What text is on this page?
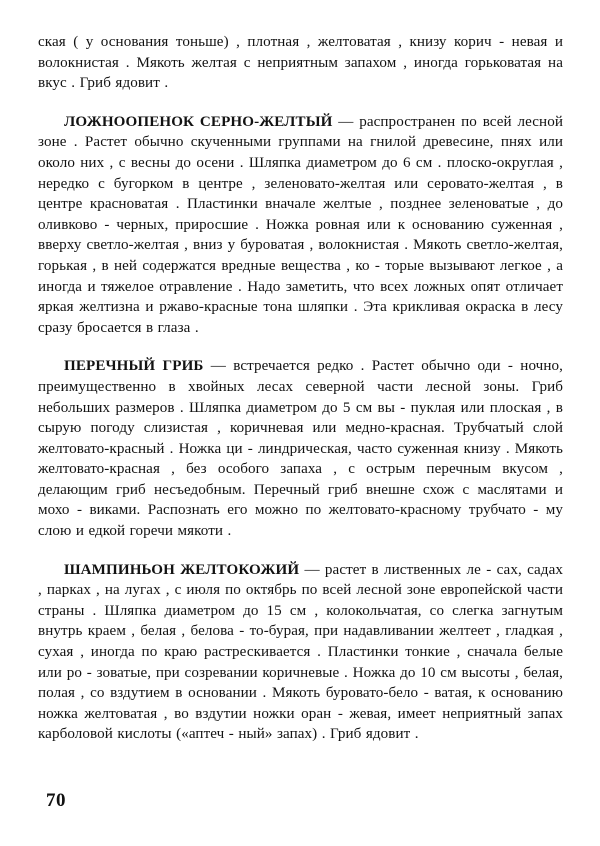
ская ( у основания тоньше) , плотная , желтоватая , книзу корич - невая и волокнистая . Мякоть желтая с неприятным запахом , иногда горьковатая на вкус . Гриб ядовит .

ЛОЖНООПЕНОК СЕРНО-ЖЕЛТЫЙ — распространен по всей лесной зоне . Растет обычно скученными группами на гнилой древесине, пнях или около них , с весны до осени . Шляпка диаметром до 6 см . плоско-округлая , нередко с бугорком в центре , зеленовато-желтая или серовато-желтая , в центре красноватая . Пластинки вначале желтые , позднее зеленоватые , до оливково - черных, приросшие . Ножка ровная или к основанию суженная , вверху светло-желтая , вниз у буроватая , волокнистая . Мякоть светло-желтая, горькая , в ней содержатся вредные вещества , ко - торые вызывают легкое , а иногда и тяжелое отравление . Надо заметить, что всех ложных опят отличает яркая желтизна и ржаво-красные тона шляпки . Эта крикливая окраска в лесу сразу бросается в глаза .

ПЕРЕЧНЫЙ ГРИБ — встречается редко . Растет обычно оди - ночно, преимущественно в хвойных лесах северной части лесной зоны. Гриб небольших размеров . Шляпка диаметром до 5 см вы - пуклая или плоская , в сырую погоду слизистая , коричневая или медно-красная. Трубчатый слой желтовато-красный . Ножка ци - линдрическая, часто суженная книзу . Мякоть желтовато-красная , без особого запаха , с острым перечным вкусом , делающим гриб несъедобным. Перечный гриб внешне схож с маслятами и мохо - виками. Распознать его можно по желтовато-красному трубчато - му слою и едкой горечи мякоти .

ШАМПИНЬОН ЖЕЛТОКОЖИЙ — растет в лиственных ле - сах, садах , парках , на лугах , с июля по октябрь по всей лесной зоне европейской части страны . Шляпка диаметром до 15 см , колокольчатая, со слегка загнутым внутрь краем , белая , белова - то-бурая, при надавливании желтеет , гладкая , сухая , иногда по краю растрескивается . Пластинки тонкие , сначала белые или ро - зоватые, при созревании коричневые . Ножка до 10 см высоты , белая, полая , со вздутием в основании . Мякоть буровато-бело - ватая, к основанию ножка желтоватая , во вздутии ножки оран - жевая, имеет неприятный запах карболовой кислоты («аптеч - ный» запах) . Гриб ядовит .

70
